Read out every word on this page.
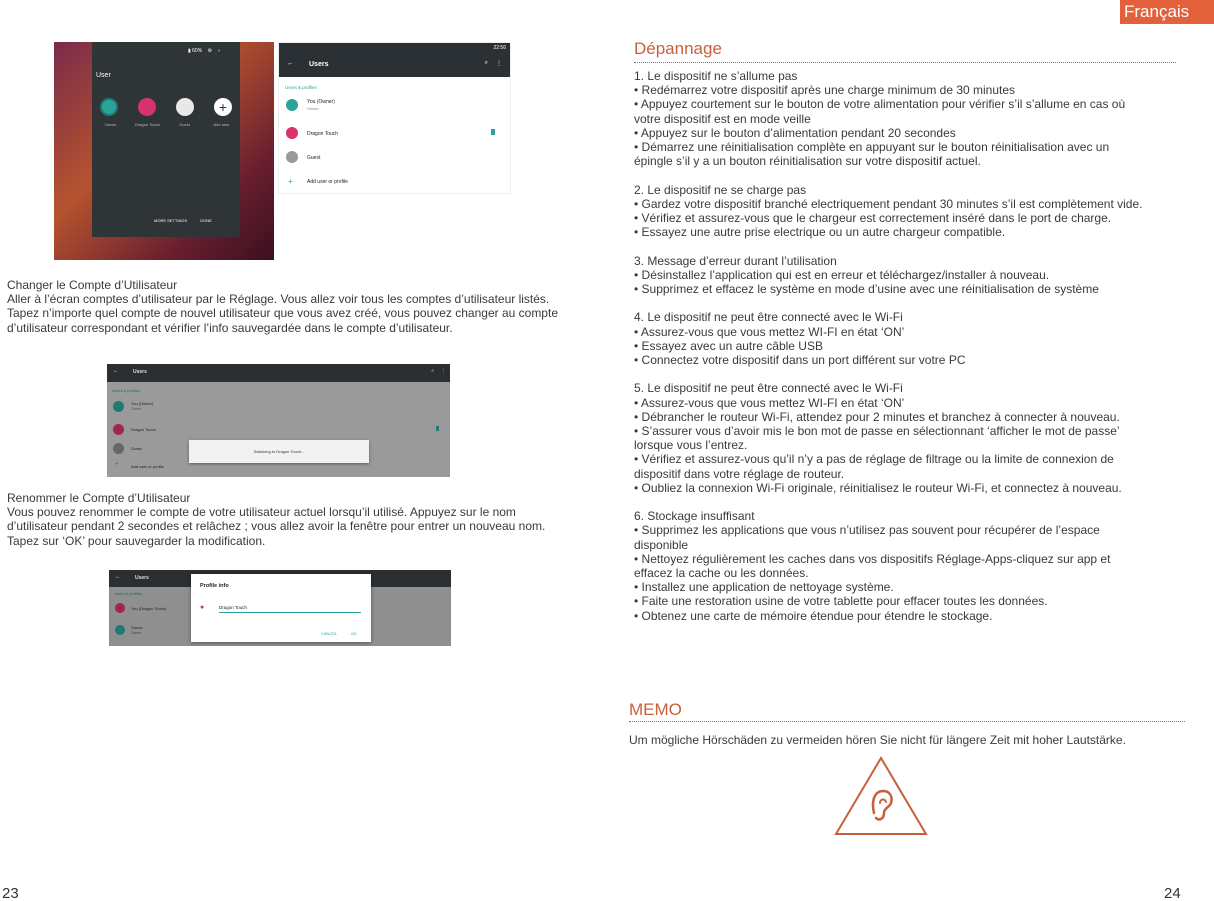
Français
▮ 60% ⚙ ●
User
+
Owner	Dragon Touch	Guest	Add user
MORE SETTINGS	DONE
22:56
← Users	⌕ ⋮
Users & profiles
You (Owner)
Owner
Dragon Touch
Guest
+	Add user or profile
Changer le Compte d’Utilisateur
Aller à l’écran comptes d’utilisateur par le Réglage. Vous allez voir tous les comptes d’utilisateur listés. Tapez n’importe quel compte de nouvel utilisateur que vous avez créé, vous pouvez changer au compte d’utilisateur correspondant et vérifier l’info sauvegardée dans le compte d’utilisateur.
←	Users	⌕ ⋮
Users & profiles
You (Owner)
Owner
Dragon Touch
Guest
+	Add user or profile
Switching to Dragon Touch...
Renommer le Compte d’Utilisateur
Vous pouvez renommer le compte de votre utilisateur actuel lorsqu’il utilisé. Appuyez sur le nom d’utilisateur pendant 2 secondes et relâchez ; vous allez avoir la fenêtre pour entrer un nouveau nom. Tapez sur ‘OK’ pour sauvegarder la modification.
←	Users
Users & profiles
You (Dragon Touch)
Owner
Owner
Profile info
●	Dragon Touch
CANCEL	OK
23
Dépannage
1. Le dispositif ne s’allume pas
• Redémarrez votre dispositif après une charge minimum de 30 minutes
• Appuyez courtement sur le bouton de votre alimentation pour vérifier s’il s’allume en cas où
votre dispositif est en mode veille
• Appuyez sur le bouton d’alimentation pendant 20 secondes
• Démarrez une réinitialisation complète en appuyant sur le bouton réinitialisation avec un
épingle s’il y a un bouton réinitialisation sur votre dispositif actuel.
2. Le dispositif ne se charge pas
• Gardez votre dispositif branché electriquement pendant 30 minutes s’il est complètement vide.
• Vérifiez et assurez-vous que le chargeur est correctement inséré dans le port de charge.
• Essayez une autre prise electrique ou un autre chargeur compatible.
3. Message d’erreur durant l’utilisation
• Désinstallez l’application qui est en erreur et téléchargez/installer à nouveau.
• Supprimez et effacez le système en mode d’usine avec une réinitialisation de système
4. Le dispositif ne peut être connecté avec le Wi-Fi
• Assurez-vous que vous mettez WI-FI en état ‘ON’
• Essayez avec un autre câble USB
• Connectez votre dispositif dans un port différent sur votre PC
5. Le dispositif ne peut être connecté avec le Wi-Fi
• Assurez-vous que vous mettez WI-FI en état ‘ON’
• Débrancher le routeur Wi-Fi, attendez pour 2 minutes et branchez à connecter à nouveau.
• S’assurer vous d’avoir mis le bon mot de passe en sélectionnant ‘afficher le mot de passe’
lorsque vous l’entrez.
• Vérifiez et assurez-vous qu’il n’y a pas de réglage de filtrage ou la limite de connexion de
dispositif dans votre réglage de routeur.
• Oubliez la connexion Wi-Fi originale, réinitialisez le routeur Wi-Fi, et connectez à nouveau.
6. Stockage insuffisant
• Supprimez les applications que vous n’utilisez pas souvent pour récupérer de l’espace
disponible
• Nettoyez régulièrement les caches dans vos dispositifs Réglage-Apps-cliquez sur app et
effacez la cache ou les données.
• Installez une application de nettoyage système.
• Faite une restoration usine de votre tablette pour effacer toutes les données.
• Obtenez une carte de mémoire étendue pour étendre le stockage.
MEMO
Um mögliche Hörschäden zu vermeiden hören Sie nicht für längere Zeit mit hoher Lautstärke.
24
